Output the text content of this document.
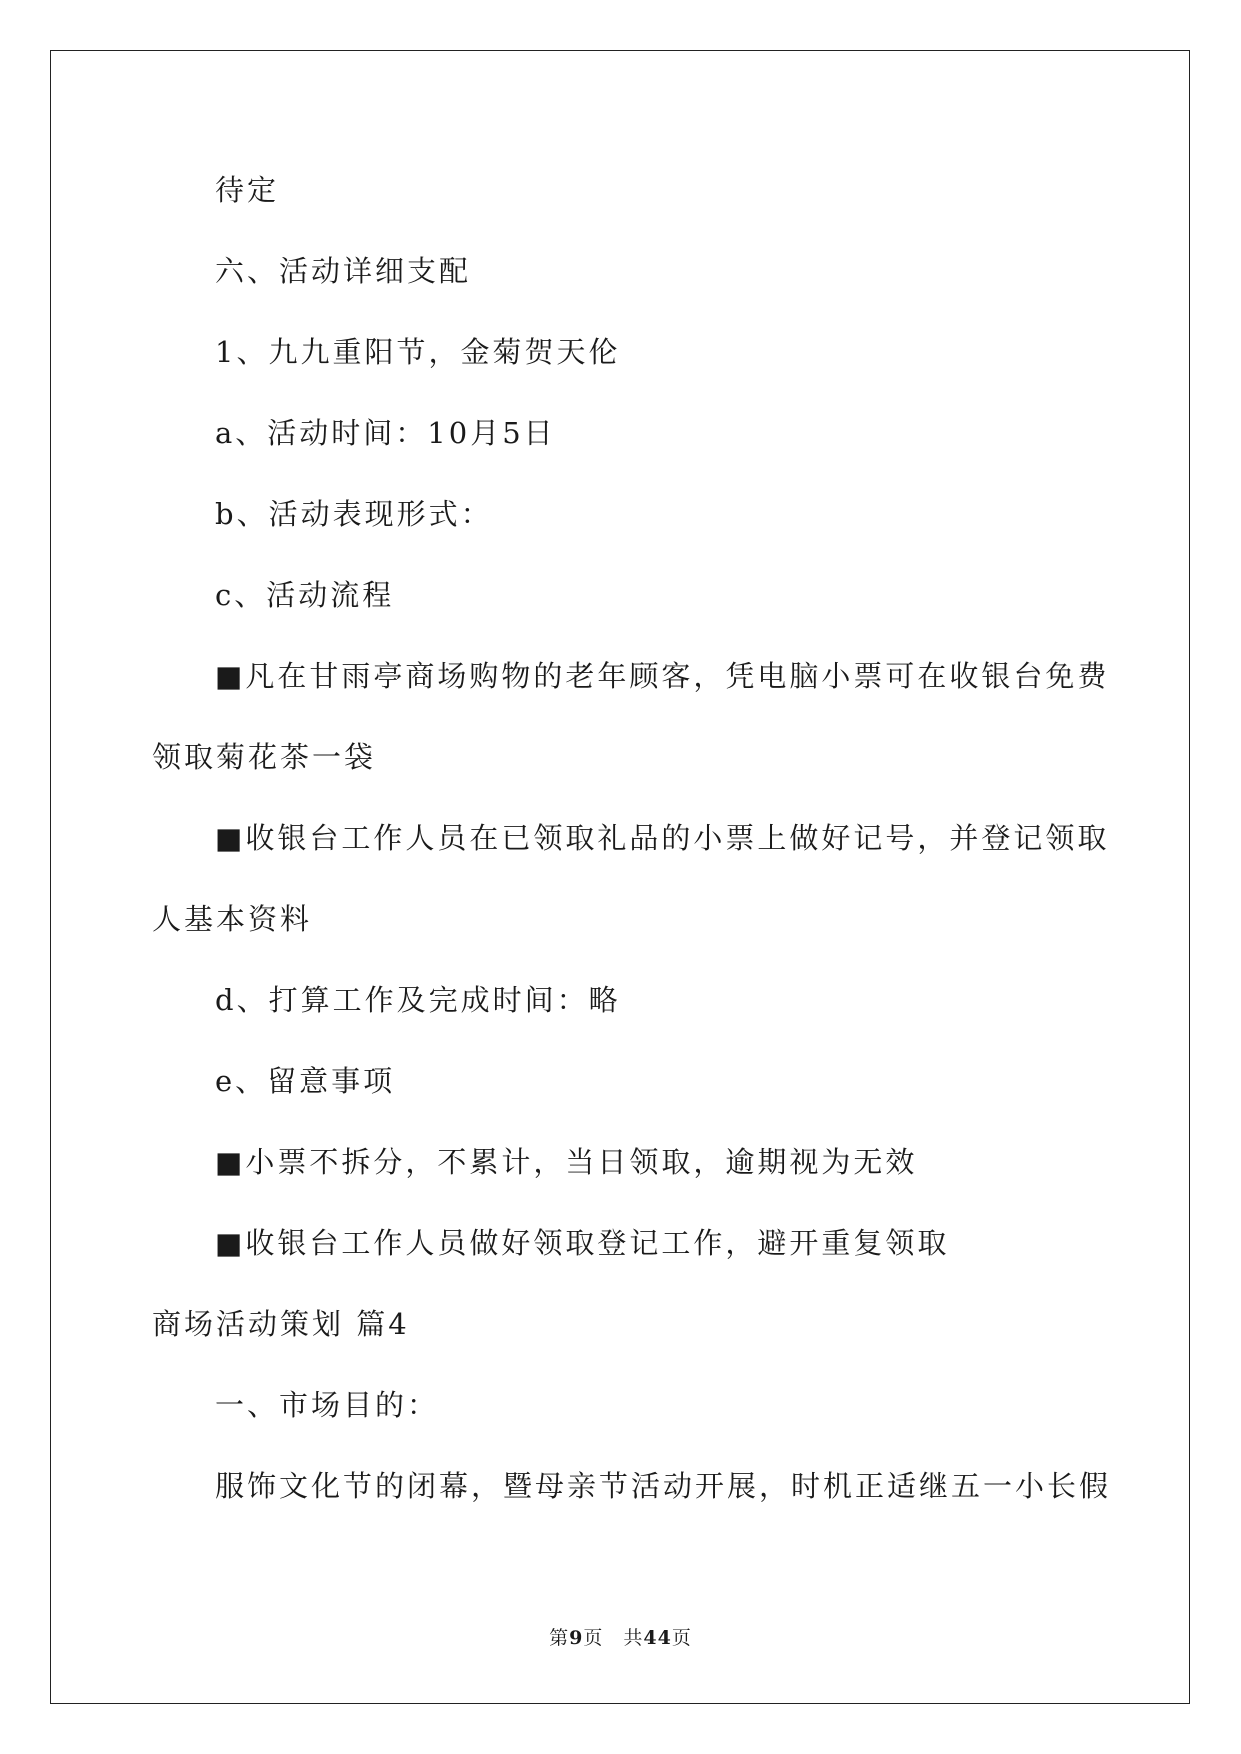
待定
六、活动详细支配
1、九九重阳节，金菊贺天伦
a、活动时间：10月5日
b、活动表现形式：
c、活动流程
■凡在甘雨亭商场购物的老年顾客，凭电脑小票可在收银台免费
领取菊花茶一袋
■收银台工作人员在已领取礼品的小票上做好记号，并登记领取
人基本资料
d、打算工作及完成时间：略
e、留意事项
■小票不拆分，不累计，当日领取，逾期视为无效
■收银台工作人员做好领取登记工作，避开重复领取
商场活动策划 篇4
一、市场目的：
服饰文化节的闭幕，暨母亲节活动开展，时机正适继五一小长假
第9页　共44页
